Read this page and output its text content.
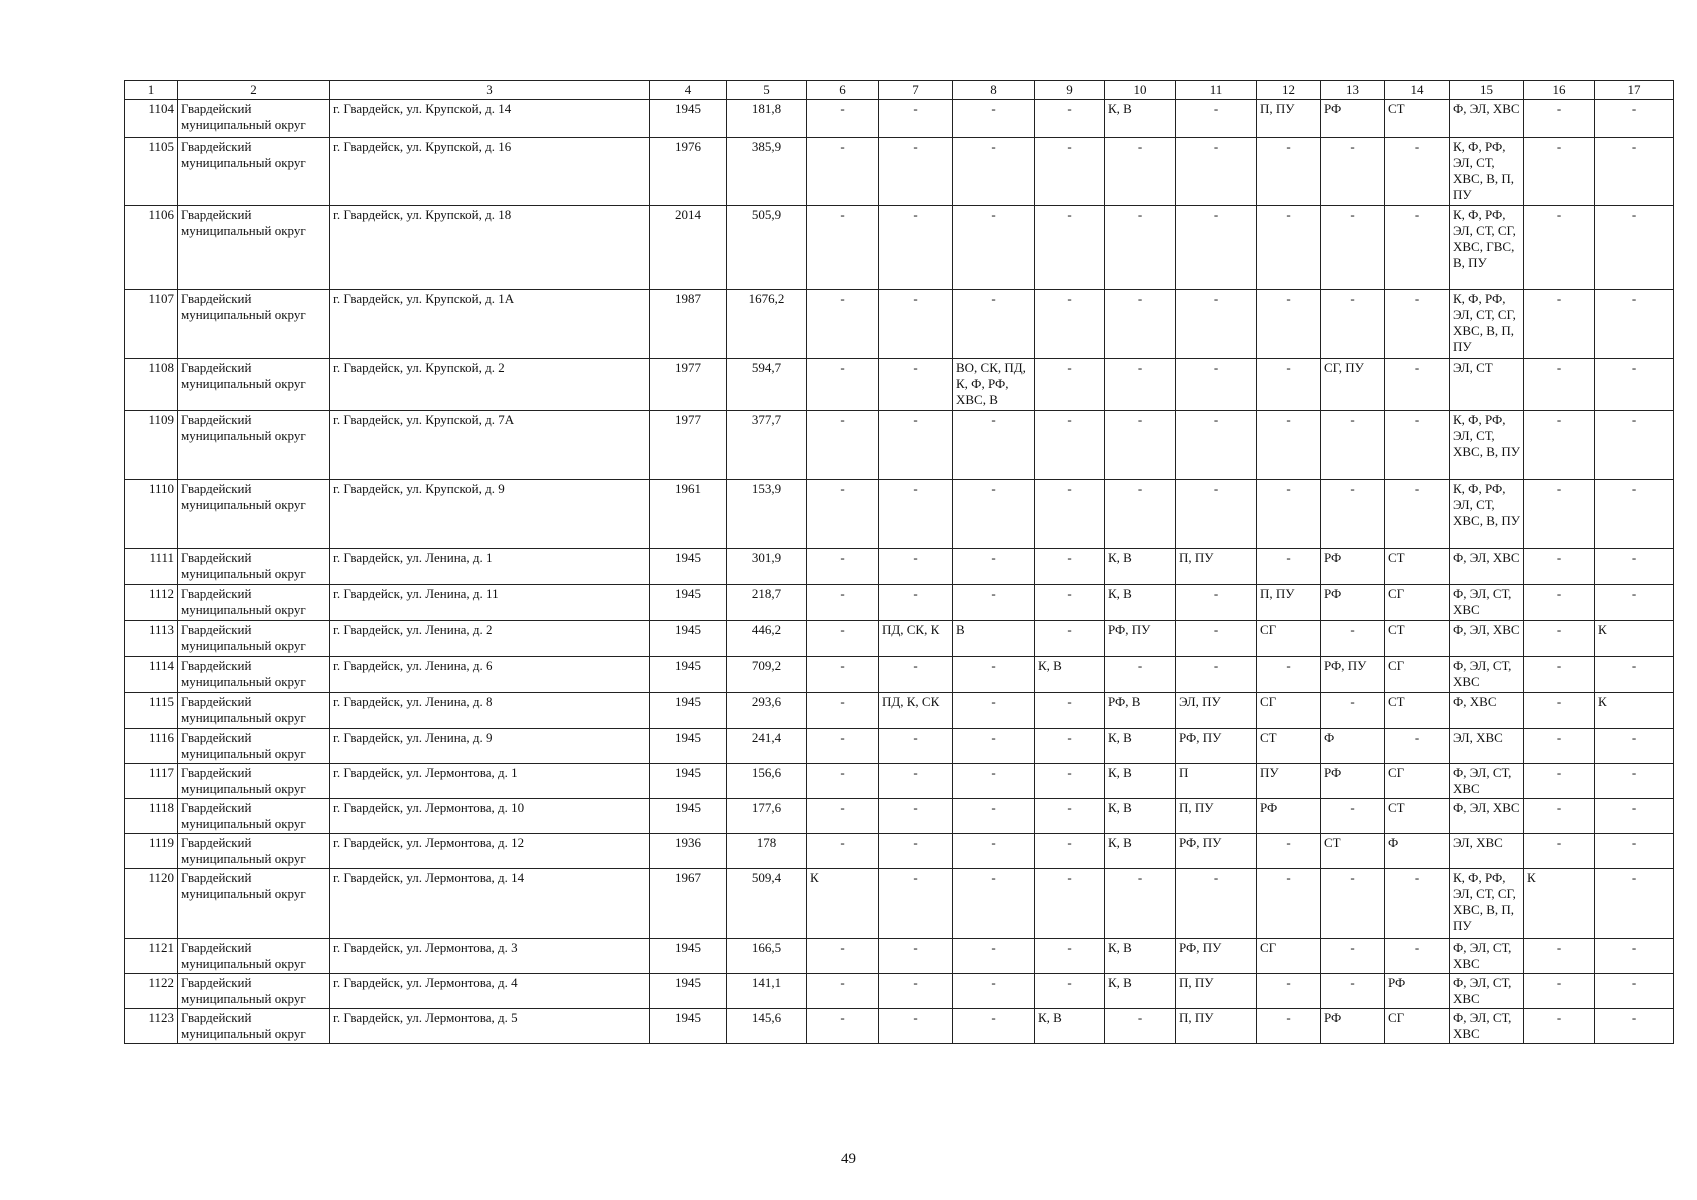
1	2	3	4	5	6	7	8	9	10	11	12	13	14	15	16	17
1104	Гвардейский муниципальный округ	г. Гвардейск, ул. Крупской, д. 14	1945	181,8	-	-	-	-	К, В	-	П, ПУ	РФ	СТ	Ф, ЭЛ, ХВС	-	-
1105	Гвардейский муниципальный округ	г. Гвардейск, ул. Крупской, д. 16	1976	385,9	-	-	-	-	-	-	-	-	-	К, Ф, РФ, ЭЛ, СТ, ХВС, В, П, ПУ	-	-
1106	Гвардейский муниципальный округ	г. Гвардейск, ул. Крупской, д. 18	2014	505,9	-	-	-	-	-	-	-	-	-	К, Ф, РФ, ЭЛ, СТ, СГ, ХВС, ГВС, В, ПУ	-	-
1107	Гвардейский муниципальный округ	г. Гвардейск, ул. Крупской, д. 1А	1987	1676,2	-	-	-	-	-	-	-	-	-	К, Ф, РФ, ЭЛ, СТ, СГ, ХВС, В, П, ПУ	-	-
1108	Гвардейский муниципальный округ	г. Гвардейск, ул. Крупской, д. 2	1977	594,7	-	-	ВО, СК, ПД, К, Ф, РФ, ХВС, В	-	-	-	-	СГ, ПУ	-	ЭЛ, СТ	-	-
1109	Гвардейский муниципальный округ	г. Гвардейск, ул. Крупской, д. 7А	1977	377,7	-	-	-	-	-	-	-	-	-	К, Ф, РФ, ЭЛ, СТ, ХВС, В, ПУ	-	-
1110	Гвардейский муниципальный округ	г. Гвардейск, ул. Крупской, д. 9	1961	153,9	-	-	-	-	-	-	-	-	-	К, Ф, РФ, ЭЛ, СТ, ХВС, В, ПУ	-	-
1111	Гвардейский муниципальный округ	г. Гвардейск, ул. Ленина, д. 1	1945	301,9	-	-	-	-	К, В	П, ПУ	-	РФ	СТ	Ф, ЭЛ, ХВС	-	-
1112	Гвардейский муниципальный округ	г. Гвардейск, ул. Ленина, д. 11	1945	218,7	-	-	-	-	К, В	-	П, ПУ	РФ	СГ	Ф, ЭЛ, СТ, ХВС	-	-
1113	Гвардейский муниципальный округ	г. Гвардейск, ул. Ленина, д. 2	1945	446,2	-	ПД, СК, К	В	-	РФ, ПУ	-	СГ	-	СТ	Ф, ЭЛ, ХВС	-	К
1114	Гвардейский муниципальный округ	г. Гвардейск, ул. Ленина, д. 6	1945	709,2	-	-	-	К, В	-	-	-	РФ, ПУ	СГ	Ф, ЭЛ, СТ, ХВС	-	-
1115	Гвардейский муниципальный округ	г. Гвардейск, ул. Ленина, д. 8	1945	293,6	-	ПД, К, СК	-	-	РФ, В	ЭЛ, ПУ	СГ	-	СТ	Ф, ХВС	-	К
1116	Гвардейский муниципальный округ	г. Гвардейск, ул. Ленина, д. 9	1945	241,4	-	-	-	-	К, В	РФ, ПУ	СТ	Ф	-	ЭЛ, ХВС	-	-
1117	Гвардейский муниципальный округ	г. Гвардейск, ул. Лермонтова, д. 1	1945	156,6	-	-	-	-	К, В	П	ПУ	РФ	СГ	Ф, ЭЛ, СТ, ХВС	-	-
1118	Гвардейский муниципальный округ	г. Гвардейск, ул. Лермонтова, д. 10	1945	177,6	-	-	-	-	К, В	П, ПУ	РФ	-	СТ	Ф, ЭЛ, ХВС	-	-
1119	Гвардейский муниципальный округ	г. Гвардейск, ул. Лермонтова, д. 12	1936	178	-	-	-	-	К, В	РФ, ПУ	-	СТ	Ф	ЭЛ, ХВС	-	-
1120	Гвардейский муниципальный округ	г. Гвардейск, ул. Лермонтова, д. 14	1967	509,4	К	-	-	-	-	-	-	-	-	К, Ф, РФ, ЭЛ, СТ, СГ, ХВС, В, П, ПУ	К	-
1121	Гвардейский муниципальный округ	г. Гвардейск, ул. Лермонтова, д. 3	1945	166,5	-	-	-	-	К, В	РФ, ПУ	СГ	-	-	Ф, ЭЛ, СТ, ХВС	-	-
1122	Гвардейский муниципальный округ	г. Гвардейск, ул. Лермонтова, д. 4	1945	141,1	-	-	-	-	К, В	П, ПУ	-	-	РФ	Ф, ЭЛ, СТ, ХВС	-	-
1123	Гвардейский муниципальный округ	г. Гвардейск, ул. Лермонтова, д. 5	1945	145,6	-	-	-	К, В	-	П, ПУ	-	РФ	СГ	Ф, ЭЛ, СТ, ХВС	-	-
49
